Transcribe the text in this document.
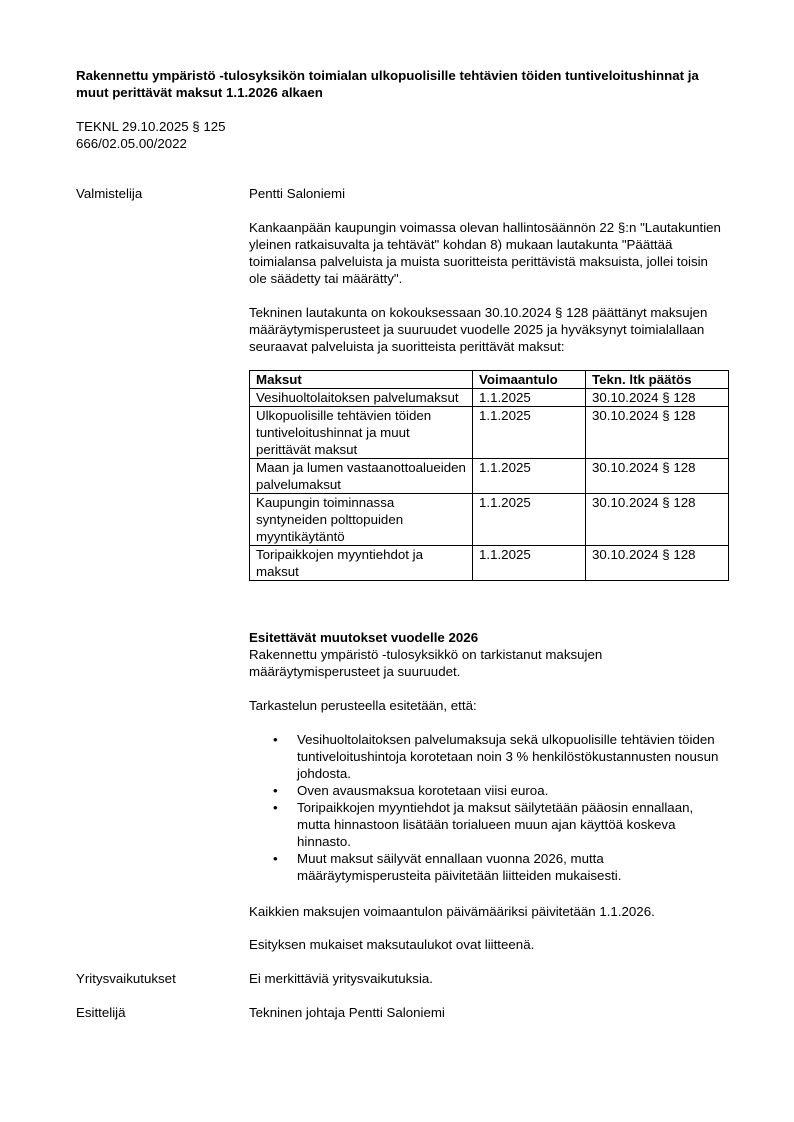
Rakennettu ympäristö -tulosyksikön toimialan ulkopuolisille tehtävien töiden tuntiveloitushinnat ja muut perittävät maksut 1.1.2026 alkaen
TEKNL 29.10.2025 § 125
666/02.05.00/2022
Valmistelija	Pentti Saloniemi

Kankaanpään kaupungin voimassa olevan hallintosäännön 22 §:n "Lautakuntien yleinen ratkaisuvalta ja tehtävät" kohdan 8) mukaan lautakunta "Päättää toimialansa palveluista ja muista suoritteista perittävistä maksuista, jollei toisin ole säädetty tai määrätty".

Tekninen lautakunta on kokouksessaan 30.10.2024 § 128 päättänyt maksujen määräytymisperusteet ja suuruudet vuodelle 2025 ja hyväksynyt toimialallaan seuraavat palveluista ja suoritteista perittävät maksut:

Maksut	Voimaantulo	Tekn. ltk päätös
Vesihuoltolaitoksen palvelumaksut	1.1.2025	30.10.2024 § 128
Ulkopuolisille tehtävien töiden tuntiveloitushinnat ja muut perittävät maksut	1.1.2025	30.10.2024 § 128
Maan ja lumen vastaanottoalueiden palvelumaksut	1.1.2025	30.10.2024 § 128
Kaupungin toiminnassa syntyneiden polttopuiden myyntikäytäntö	1.1.2025	30.10.2024 § 128
Toripaikkojen myyntiehdot ja maksut	1.1.2025	30.10.2024 § 128
Esitettävät muutokset vuodelle 2026

Rakennettu ympäristö -tulosyksikkö on tarkistanut maksujen määräytymisperusteet ja suuruudet.

Tarkastelun perusteella esitetään, että:

• Vesihuoltolaitoksen palvelumaksuja sekä ulkopuolisille tehtävien töiden tuntiveloitushintoja korotetaan noin 3 % henkilöstökustannusten nousun johdosta.
• Oven avausmaksua korotetaan viisi euroa.
• Toripaikkojen myyntiehdot ja maksut säilytetään pääosin ennallaan, mutta hinnastoon lisätään torialueen muun ajan käyttöä koskeva hinnasto.
• Muut maksut säilyvät ennallaan vuonna 2026, mutta määräytymisperusteita päivitetään liitteiden mukaisesti.

Kaikkien maksujen voimaantulon päivämääriksi päivitetään 1.1.2026.

Esityksen mukaiset maksutaulukot ovat liitteenä.

Yritysvaikutukset	Ei merkittäviä yritysvaikutuksia.
Esittelijä	Tekninen johtaja Pentti Saloniemi
